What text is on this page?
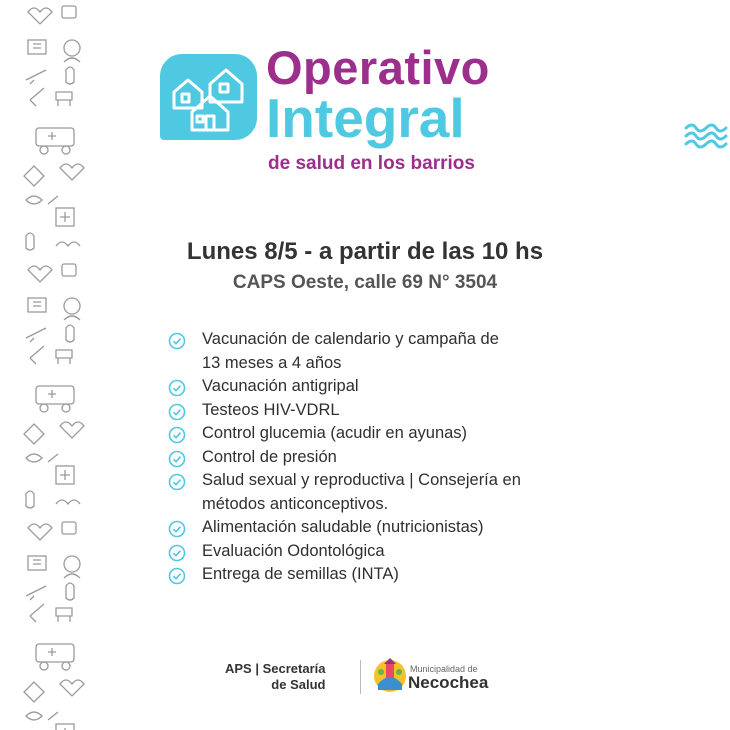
Operativo
Integral
de salud en los barrios
Lunes 8/5 - a partir de las 10 hs
CAPS Oeste, calle 69 N° 3504
Vacunación de calendario y campaña de
13 meses a 4 años
Vacunación antigripal
Testeos HIV-VDRL
Control glucemia (acudir en ayunas)
Control de presión
Salud sexual y reproductiva | Consejería en
métodos anticonceptivos.
Alimentación saludable (nutricionistas)
Evaluación Odontológica
Entrega de semillas (INTA)
APS | Secretaría
de Salud
Municipalidad de
Necochea
